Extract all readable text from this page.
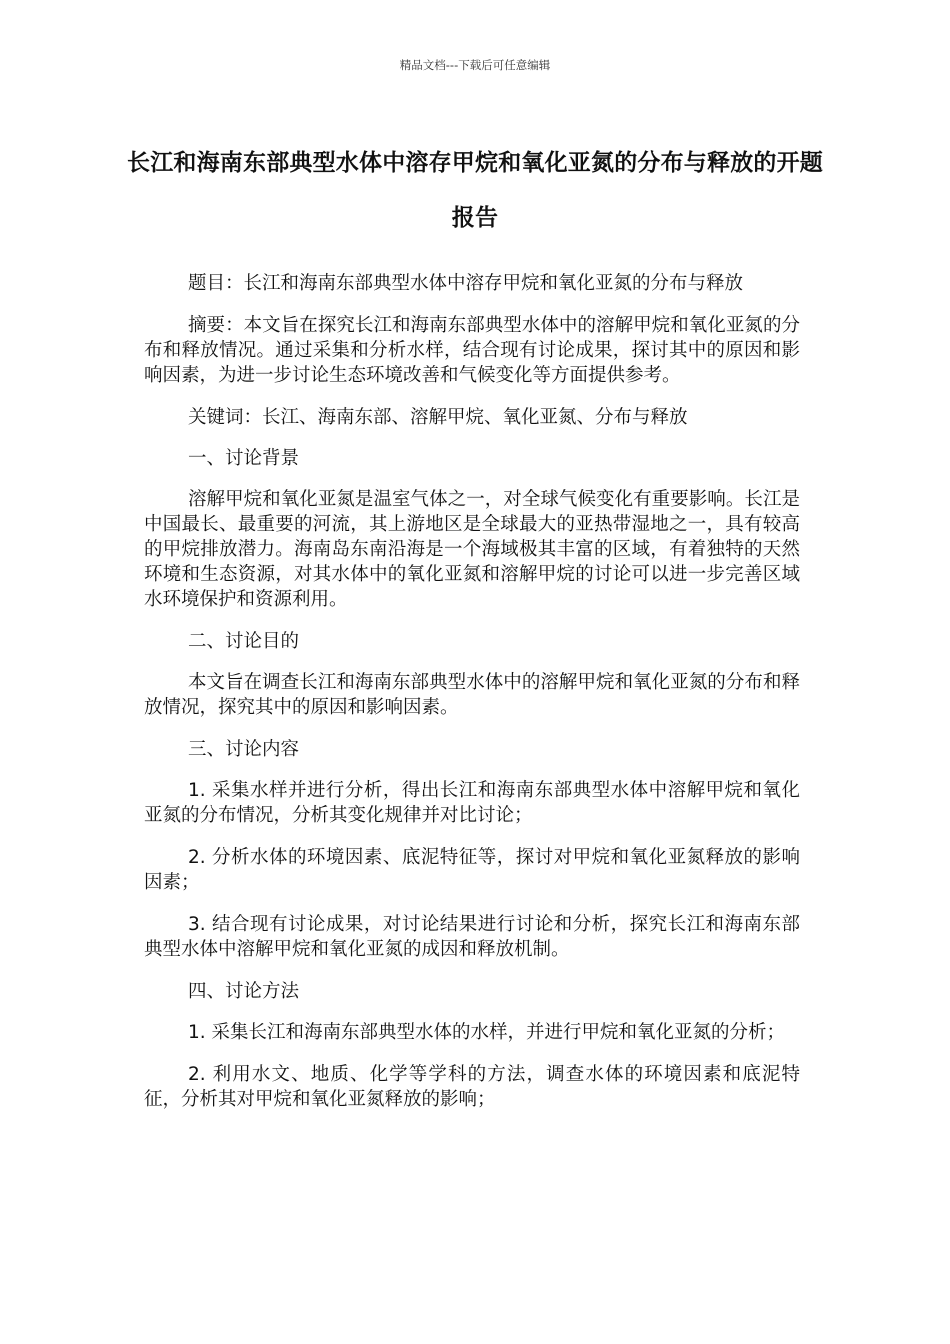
精品文档---下载后可任意编辑
长江和海南东部典型水体中溶存甲烷和氧化亚氮的分布与释放的开题报告

题目：长江和海南东部典型水体中溶存甲烷和氧化亚氮的分布与释放

摘要：本文旨在探究长江和海南东部典型水体中的溶解甲烷和氧化亚氮的分布和释放情况。通过采集和分析水样，结合现有讨论成果，探讨其中的原因和影响因素，为进一步讨论生态环境改善和气候变化等方面提供参考。

关键词：长江、海南东部、溶解甲烷、氧化亚氮、分布与释放

一、讨论背景

溶解甲烷和氧化亚氮是温室气体之一，对全球气候变化有重要影响。长江是中国最长、最重要的河流，其上游地区是全球最大的亚热带湿地之一，具有较高的甲烷排放潜力。海南岛东南沿海是一个海域极其丰富的区域，有着独特的天然环境和生态资源，对其水体中的氧化亚氮和溶解甲烷的讨论可以进一步完善区域水环境保护和资源利用。

二、讨论目的

本文旨在调查长江和海南东部典型水体中的溶解甲烷和氧化亚氮的分布和释放情况，探究其中的原因和影响因素。

三、讨论内容

1. 采集水样并进行分析，得出长江和海南东部典型水体中溶解甲烷和氧化亚氮的分布情况，分析其变化规律并对比讨论；

2. 分析水体的环境因素、底泥特征等，探讨对甲烷和氧化亚氮释放的影响因素；

3. 结合现有讨论成果，对讨论结果进行讨论和分析，探究长江和海南东部典型水体中溶解甲烷和氧化亚氮的成因和释放机制。

四、讨论方法

1. 采集长江和海南东部典型水体的水样，并进行甲烷和氧化亚氮的分析；

2. 利用水文、地质、化学等学科的方法，调查水体的环境因素和底泥特征，分析其对甲烷和氧化亚氮释放的影响；
